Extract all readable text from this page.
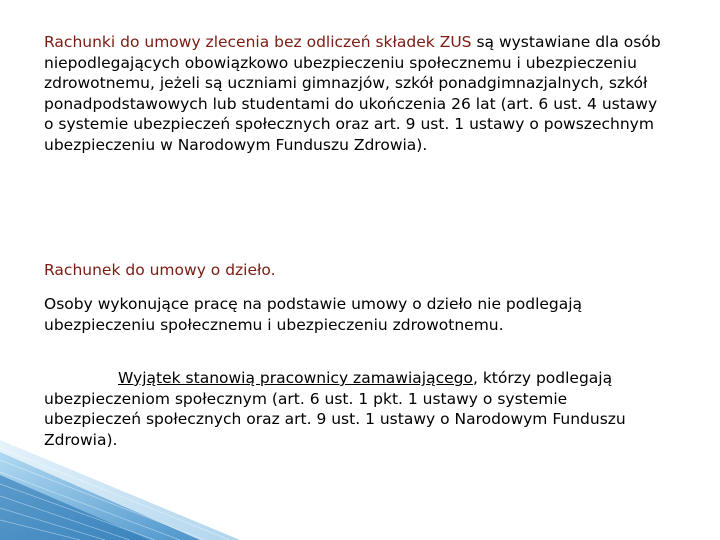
Rachunki do umowy zlecenia bez odliczeń składek ZUS są wystawiane dla osób niepodlegających obowiązkowo ubezpieczeniu społecznemu i ubezpieczeniu zdrowotnemu, jeżeli są uczniami gimnazjów, szkół ponadgimnazjalnych, szkół ponadpodstawowych lub studentami do ukończenia 26 lat (art. 6 ust. 4 ustawy o systemie ubezpieczeń społecznych oraz art. 9 ust. 1 ustawy o powszechnym ubezpieczeniu w Narodowym Funduszu Zdrowia).

Rachunek do umowy o dzieło.

Osoby wykonujące pracę na podstawie umowy o dzieło nie podlegają ubezpieczeniu społecznemu i ubezpieczeniu zdrowotnemu.

Wyjątek stanowią pracownicy zamawiającego, którzy podlegają ubezpieczeniom społecznym (art. 6 ust. 1 pkt. 1 ustawy o systemie ubezpieczeń społecznych oraz art. 9 ust. 1 ustawy o Narodowym Funduszu Zdrowia).
